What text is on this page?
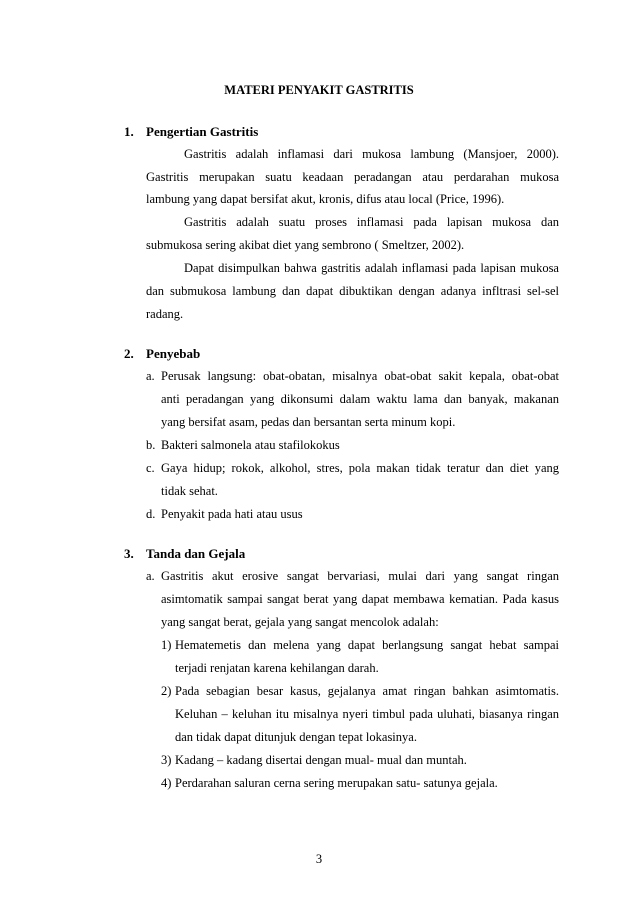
MATERI PENYAKIT GASTRITIS
1. Pengertian Gastritis
Gastritis adalah inflamasi dari mukosa lambung (Mansjoer, 2000).
Gastritis merupakan suatu keadaan peradangan atau perdarahan mukosa
lambung yang dapat bersifat akut, kronis, difus atau local (Price, 1996).
Gastritis adalah suatu proses inflamasi pada lapisan mukosa dan
submukosa sering akibat diet yang sembrono ( Smeltzer, 2002).
Dapat disimpulkan bahwa gastritis adalah inflamasi pada lapisan mukosa
dan submukosa lambung dan dapat dibuktikan dengan adanya infltrasi sel-sel
radang.
2. Penyebab
a. Perusak langsung: obat-obatan, misalnya obat-obat sakit kepala, obat-obat
anti peradangan yang dikonsumi dalam waktu lama dan banyak, makanan
yang bersifat asam, pedas dan bersantan serta minum kopi.
b. Bakteri salmonela atau stafilokokus
c. Gaya hidup; rokok, alkohol, stres, pola makan tidak teratur dan diet yang
tidak sehat.
d. Penyakit pada hati atau usus
3. Tanda dan Gejala
a. Gastritis akut erosive sangat bervariasi, mulai dari yang sangat ringan
asimtomatik sampai sangat berat yang dapat membawa kematian. Pada kasus
yang sangat berat, gejala yang sangat mencolok adalah:
1) Hematemetis dan melena yang dapat berlangsung sangat hebat sampai
terjadi renjatan karena kehilangan darah.
2) Pada sebagian besar kasus, gejalanya amat ringan bahkan asimtomatis.
Keluhan – keluhan itu misalnya nyeri timbul pada uluhati, biasanya ringan
dan tidak dapat ditunjuk dengan tepat lokasinya.
3) Kadang – kadang disertai dengan mual- mual dan muntah.
4) Perdarahan saluran cerna sering merupakan satu- satunya gejala.
3
